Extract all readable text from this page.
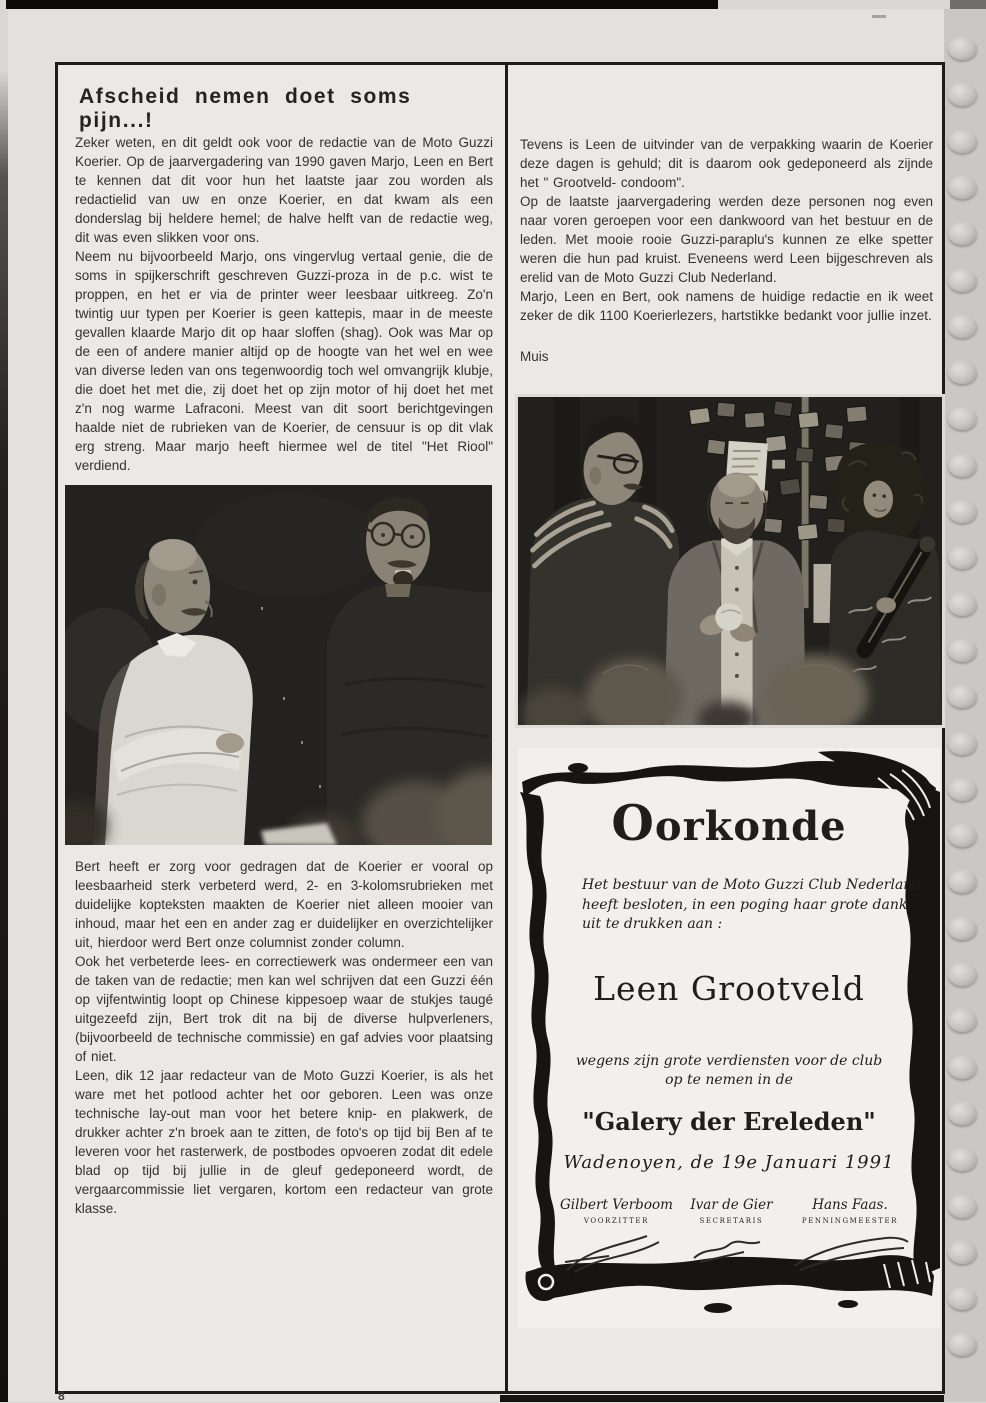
Afscheid nemen doet soms pijn...!

Zeker weten, en dit geldt ook voor de redactie van de Moto Guzzi Koerier. Op de jaarvergadering van 1990 gaven Marjo, Leen en Bert te kennen dat dit voor hun het laatste jaar zou worden als redactielid van uw en onze Koerier, en dat kwam als een donderslag bij heldere hemel; de halve helft van de redactie weg, dit was even slikken voor ons.

Neem nu bijvoorbeeld Marjo, ons vingervlug vertaal genie, die de soms in spijkerschrift geschreven Guzzi-proza in de p.c. wist te proppen, en het er via de printer weer leesbaar uitkreeg. Zo'n twintig uur typen per Koerier is geen kattepis, maar in de meeste gevallen klaarde Marjo dit op haar sloffen (shag). Ook was Mar op de een of andere manier altijd op de hoogte van het wel en wee van diverse leden van ons tegenwoordig toch wel omvangrijk klubje, die doet het met die, zij doet het op zijn motor of hij doet het met z'n nog warme Lafraconi. Meest van dit soort berichtgevingen haalde niet de rubrieken van de Koerier, de censuur is op dit vlak erg streng. Maar marjo heeft hiermee wel de titel "Het Riool" verdiend.

Bert heeft er zorg voor gedragen dat de Koerier er vooral op leesbaarheid sterk verbeterd werd, 2- en 3-kolomsrubrieken met duidelijke kopteksten maakten de Koerier niet alleen mooier van inhoud, maar het een en ander zag er duidelijker en overzichtelijker uit, hierdoor werd Bert onze columnist zonder column.

Ook het verbeterde lees- en correctiewerk was ondermeer een van de taken van de redactie; men kan wel schrijven dat een Guzzi één op vijfentwintig loopt op Chinese kippesoep waar de stukjes taugé uitgezeefd zijn, Bert trok dit na bij de diverse hulpverleners, (bijvoorbeeld de technische commissie) en gaf advies voor plaatsing of niet.

Leen, dik 12 jaar redacteur van de Moto Guzzi Koerier, is als het ware met het potlood achter het oor geboren. Leen was onze technische lay-out man voor het betere knip- en plakwerk, de drukker achter z'n broek aan te zitten, de foto's op tijd bij Ben af te leveren voor het rasterwerk, de postbodes opvoeren zodat dit edele blad op tijd bij jullie in de gleuf gedeponeerd wordt, de vergaarcommissie liet vergaren, kortom een redacteur van grote klasse.

Tevens is Leen de uitvinder van de verpakking waarin de Koerier deze dagen is gehuld; dit is daarom ook gedeponeerd als zijnde het " Grootveld- condoom".

Op de laatste jaarvergadering werden deze personen nog even naar voren geroepen voor een dankwoord van het bestuur en de leden. Met mooie rooie Guzzi-paraplu's kunnen ze elke spetter weren die hun pad kruist. Eveneens werd Leen bijgeschreven als erelid van de Moto Guzzi Club Nederland.

Marjo, Leen en Bert, ook namens de huidige redactie en ik weet zeker de dik 1100 Koerierlezers, hartstikke bedankt voor jullie inzet.

Muis

Oorkonde
Het bestuur van de Moto Guzzi Club Nederland
heeft besloten, in een poging haar grote dank
uit te drukken aan :
Leen Grootveld
wegens zijn grote verdiensten voor de club
op te nemen in de
"Galery der Ereleden"
Wadenoyen, de 19e Januari 1991
Gilbert Verboom
voorzitter
Ivar de Gier
secretaris
Hans Faas.
penningmeester
8
